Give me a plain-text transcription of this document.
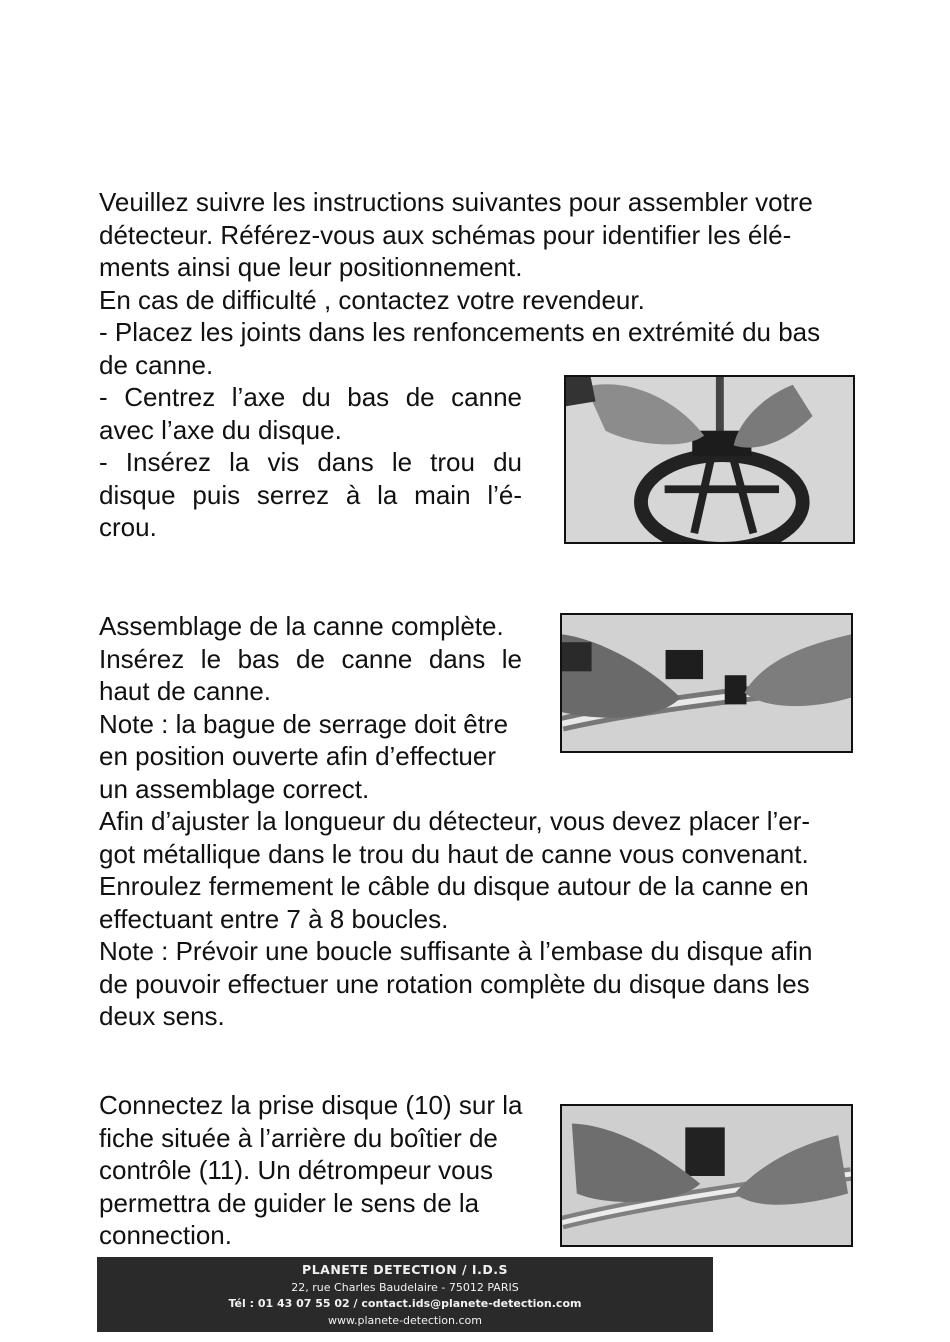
Veuillez suivre les instructions suivantes pour assembler votre

détecteur. Référez-vous aux schémas pour identifier les élé-

ments ainsi que leur positionnement.

En cas de difficulté , contactez votre revendeur.

- Placez les joints dans les renfoncements en extrémité du bas

de canne.

- Centrez l’axe du bas de canne

avec l’axe du disque.

- Insérez la vis dans le trou du

disque puis serrez à la main l’é-

crou.

Assemblage de la canne complète.

Insérez le bas de canne dans le

haut de canne.

Note : la bague de serrage doit être

en position ouverte afin d’effectuer

un assemblage correct.

Afin d’ajuster la longueur du détecteur, vous devez placer l’er-

got métallique dans le trou du haut de canne vous convenant.

Enroulez fermement le câble du disque autour de la canne en

effectuant entre 7 à 8 boucles.

Note : Prévoir une boucle suffisante à l’embase du disque afin

de pouvoir effectuer une rotation complète du disque dans les

deux sens.

Connectez la prise disque (10) sur la

fiche située à l’arrière du boîtier de

contrôle (11). Un détrompeur vous

permettra de guider le sens de la

connection.

PLANETE DETECTION / I.D.S
22, rue Charles Baudelaire - 75012 PARIS
Tél : 01 43 07 55 02 / contact.ids@planete-detection.com
www.planete-detection.com
